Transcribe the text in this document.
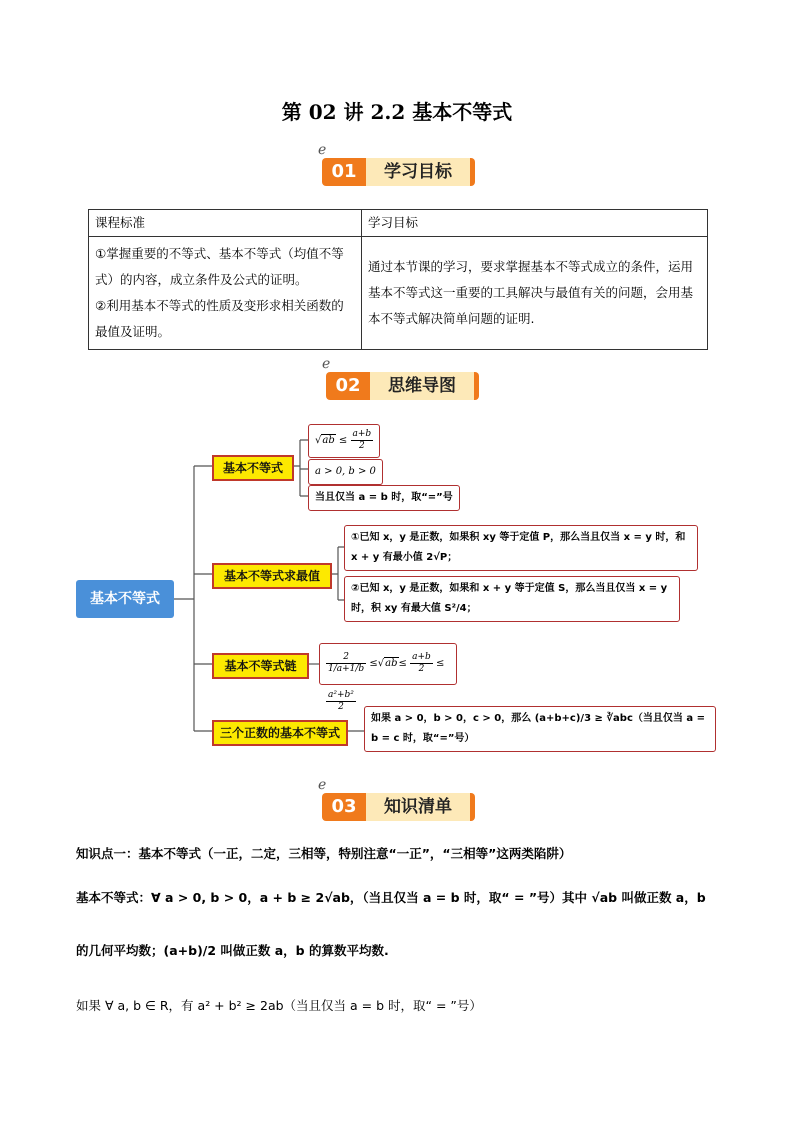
第 02 讲 2.2 基本不等式
ℯ
01	学习目标
课程标准	学习目标

①掌握重要的不等式、基本不等式（均值不等式）的内容，成立条件及公式的证明。
②利用基本不等式的性质及变形求相关函数的最值及证明。	通过本节课的学习，要求掌握基本不等式成立的条件，运用基本不等式这一重要的工具解决与最值有关的问题，会用基本不等式解决简单问题的证明.
ℯ
02	思维导图
基本不等式
基本不等式
基本不等式求最值
基本不等式链
三个正数的基本不等式
$√ab \le \frac{a+b}{2}$
a > 0, b > 0
当且仅当 a = b 时，取“=”号
①已知 x，y 是正数，如果积 xy 等于定值 P，那么当且仅当 x = y 时，和 x + y 有最小值 2√P；
②已知 x，y 是正数，如果和 x + y 等于定值 S，那么当且仅当 x = y 时，积 xy 有最大值 S²/4；
$\frac{2}{1/a+1/b} \le√ab\le \frac{a+b}{2}$ ≤
$\frac{\text{a²+b²}}{2}$
如果 a > 0，b > 0，c > 0，那么 (a+b+c)/3 ≥ ∛abc（当且仅当 a = b = c 时，取“=”号）
ℯ
03	知识清单
知识点一：基本不等式（一正，二定，三相等，特别注意“一正”，“三相等”这两类陷阱）
基本不等式：∀ a > 0, b > 0，a + b ≥ 2√ab，（当且仅当 a = b 时，取“ = ”号）其中 √ab 叫做正数 a，b
的几何平均数；(a+b)/2 叫做正数 a，b 的算数平均数.
如果 ∀ a, b ∈ R，有 a² + b² ≥ 2ab（当且仅当 a = b 时，取“ = ”号）
